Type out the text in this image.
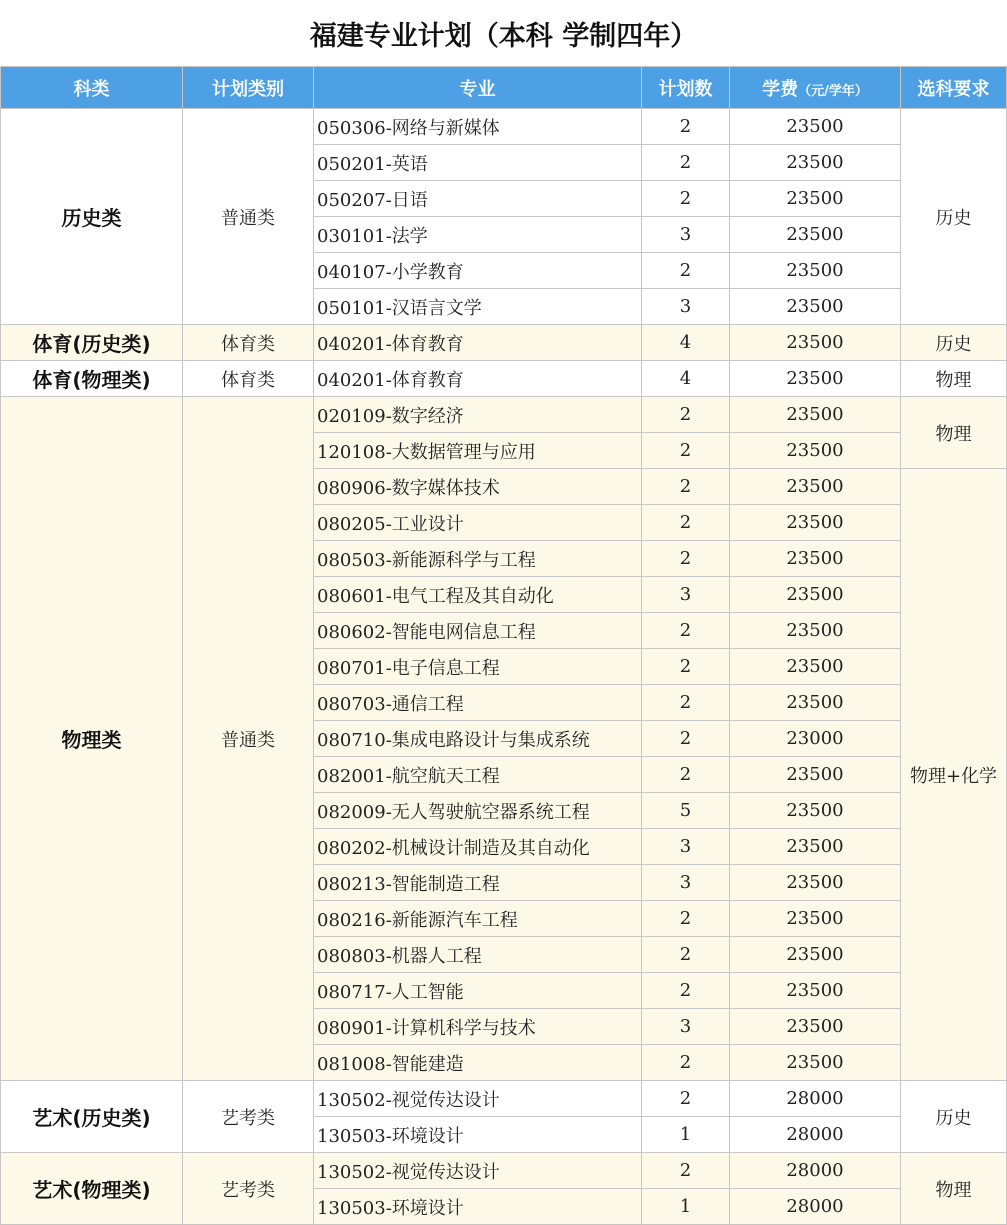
福建专业计划（本科 学制四年）
科类	计划类别	专业	计划数	学费（元/学年）	选科要求
历史类	普通类	050306-网络与新媒体	2	23500	历史
		050201-英语	2	23500	
		050207-日语	2	23500	
		030101-法学	3	23500	
		040107-小学教育	2	23500	
		050101-汉语言文学	3	23500	
体育(历史类)	体育类	040201-体育教育	4	23500	历史
体育(物理类)	体育类	040201-体育教育	4	23500	物理
物理类	普通类	020109-数字经济	2	23500	物理
		120108-大数据管理与应用	2	23500	
		080906-数字媒体技术	2	23500	物理+化学
		080205-工业设计	2	23500	
		080503-新能源科学与工程	2	23500	
		080601-电气工程及其自动化	3	23500	
		080602-智能电网信息工程	2	23500	
		080701-电子信息工程	2	23500	
		080703-通信工程	2	23500	
		080710-集成电路设计与集成系统	2	23000	
		082001-航空航天工程	2	23500	
		082009-无人驾驶航空器系统工程	5	23500	
		080202-机械设计制造及其自动化	3	23500	
		080213-智能制造工程	3	23500	
		080216-新能源汽车工程	2	23500	
		080803-机器人工程	2	23500	
		080717-人工智能	2	23500	
		080901-计算机科学与技术	3	23500	
		081008-智能建造	2	23500	
艺术(历史类)	艺考类	130502-视觉传达设计	2	28000	历史
		130503-环境设计	1	28000	
艺术(物理类)	艺考类	130502-视觉传达设计	2	28000	物理
		130503-环境设计	1	28000	
